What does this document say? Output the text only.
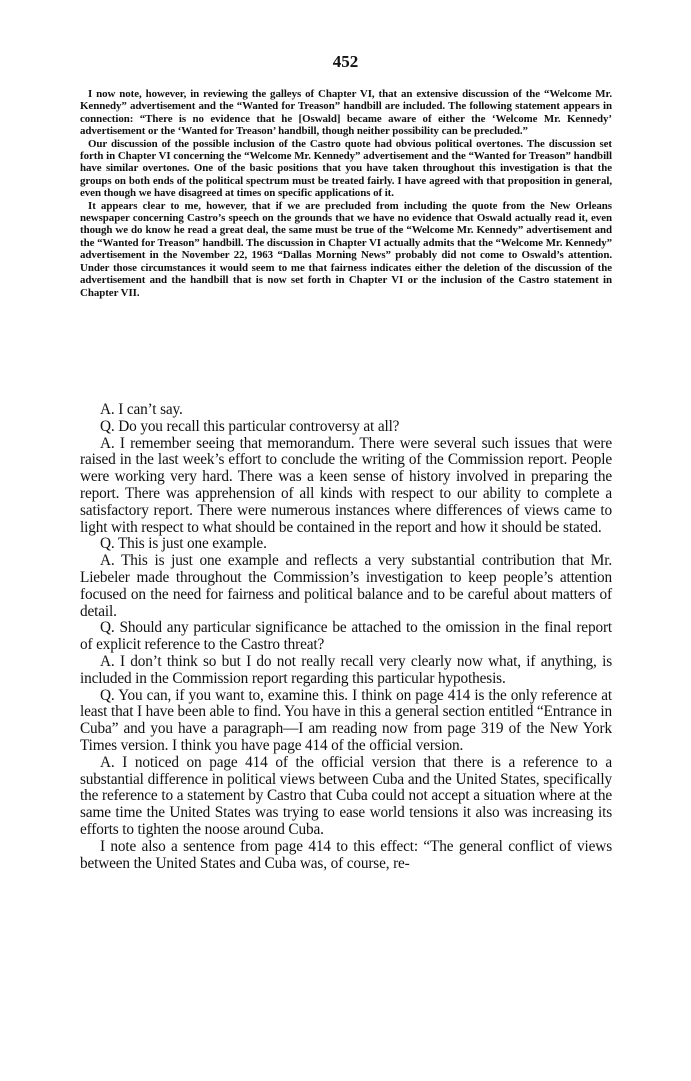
452

I now note, however, in reviewing the galleys of Chapter VI, that an extensive discussion of the “Welcome Mr. Kennedy” advertisement and the “Wanted for Treason” handbill are included. The following statement appears in connection: “There is no evidence that he [Oswald] became aware of either the ‘Welcome Mr. Kennedy’ advertisement or the ‘Wanted for Treason’ handbill, though neither possibility can be precluded.”

Our discussion of the possible inclusion of the Castro quote had obvious political overtones. The discussion set forth in Chapter VI concerning the “Welcome Mr. Kennedy” advertisement and the “Wanted for Treason” handbill have similar overtones. One of the basic positions that you have taken throughout this investigation is that the groups on both ends of the political spectrum must be treated fairly. I have agreed with that proposition in general, even though we have disagreed at times on specific applications of it.

It appears clear to me, however, that if we are precluded from including the quote from the New Orleans newspaper concerning Castro’s speech on the grounds that we have no evidence that Oswald actually read it, even though we do know he read a great deal, the same must be true of the “Welcome Mr. Kennedy” advertisement and the “Wanted for Treason” handbill. The discussion in Chapter VI actually admits that the “Welcome Mr. Kennedy” advertisement in the November 22, 1963 “Dallas Morning News” probably did not come to Oswald’s attention. Under those circumstances it would seem to me that fairness indicates either the deletion of the discussion of the advertisement and the handbill that is now set forth in Chapter VI or the inclusion of the Castro statement in Chapter VII.

A. I can’t say.

Q. Do you recall this particular controversy at all?

A. I remember seeing that memorandum. There were several such issues that were raised in the last week’s effort to conclude the writing of the Commission report. People were working very hard. There was a keen sense of history involved in preparing the report. There was apprehension of all kinds with respect to our ability to complete a satisfactory report. There were numerous instances where differences of views came to light with respect to what should be contained in the report and how it should be stated.

Q. This is just one example.

A. This is just one example and reflects a very substantial contribution that Mr. Liebeler made throughout the Commission’s investigation to keep people’s attention focused on the need for fairness and political balance and to be careful about matters of detail.

Q. Should any particular significance be attached to the omission in the final report of explicit reference to the Castro threat?

A. I don’t think so but I do not really recall very clearly now what, if anything, is included in the Commission report regarding this particular hypothesis.

Q. You can, if you want to, examine this. I think on page 414 is the only reference at least that I have been able to find. You have in this a general section entitled “Entrance in Cuba” and you have a paragraph—I am reading now from page 319 of the New York Times version. I think you have page 414 of the official version.

A. I noticed on page 414 of the official version that there is a reference to a substantial difference in political views between Cuba and the United States, specifically the reference to a statement by Castro that Cuba could not accept a situation where at the same time the United States was trying to ease world tensions it also was increasing its efforts to tighten the noose around Cuba.

I note also a sentence from page 414 to this effect: “The general conflict of views between the United States and Cuba was, of course, re-
